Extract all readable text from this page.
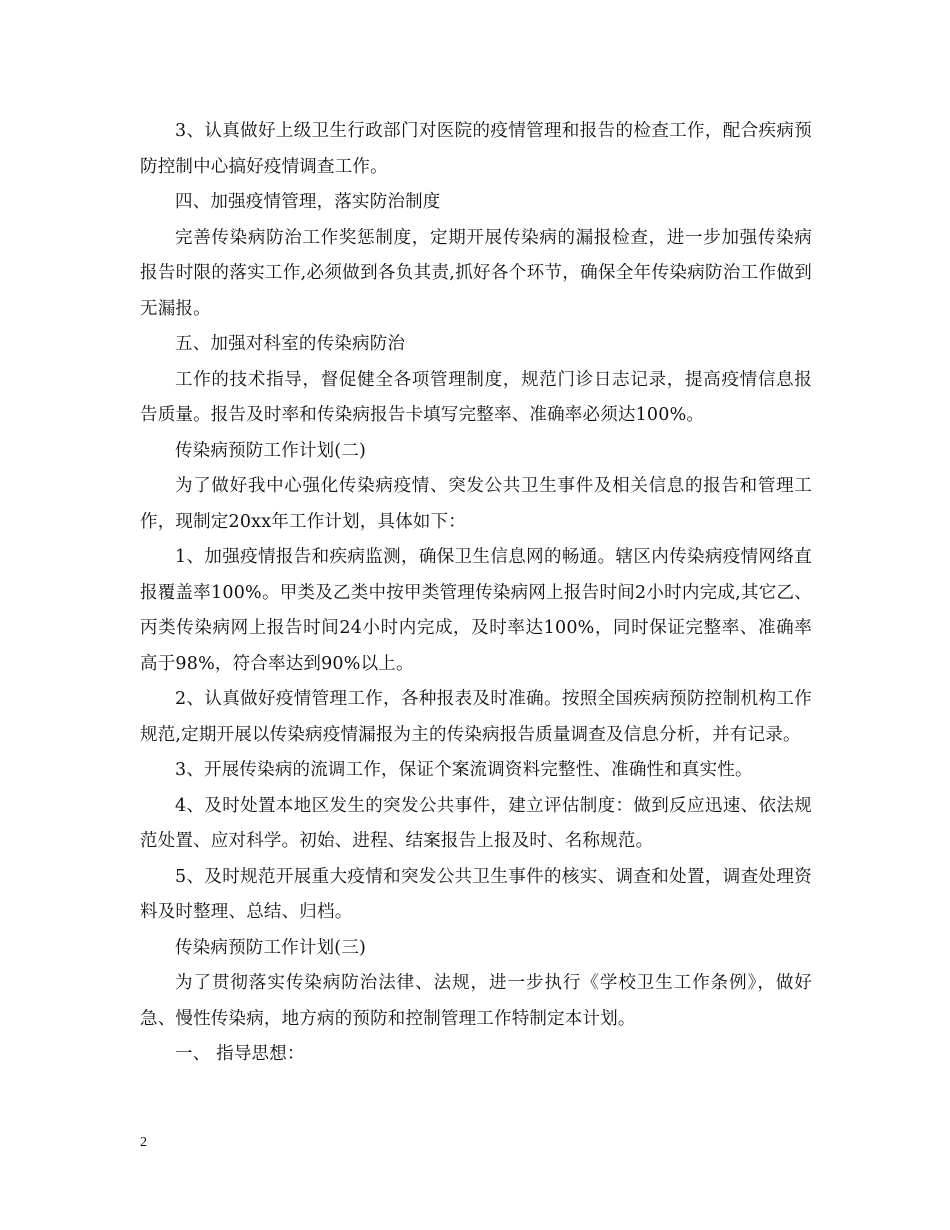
3、认真做好上级卫生行政部门对医院的疫情管理和报告的检查工作，配合疾病预防控制中心搞好疫情调查工作。

四、加强疫情管理，落实防治制度

完善传染病防治工作奖惩制度，定期开展传染病的漏报检查，进一步加强传染病报告时限的落实工作,必须做到各负其责,抓好各个环节，确保全年传染病防治工作做到无漏报。

五、加强对科室的传染病防治

工作的技术指导，督促健全各项管理制度，规范门诊日志记录，提高疫情信息报告质量。报告及时率和传染病报告卡填写完整率、准确率必须达100%。

传染病预防工作计划(二)

为了做好我中心强化传染病疫情、突发公共卫生事件及相关信息的报告和管理工作，现制定20xx年工作计划，具体如下：

1、加强疫情报告和疾病监测，确保卫生信息网的畅通。辖区内传染病疫情网络直报覆盖率100%。甲类及乙类中按甲类管理传染病网上报告时间2小时内完成,其它乙、丙类传染病网上报告时间24小时内完成，及时率达100%，同时保证完整率、准确率高于98%，符合率达到90%以上。

2、认真做好疫情管理工作，各种报表及时准确。按照全国疾病预防控制机构工作规范,定期开展以传染病疫情漏报为主的传染病报告质量调查及信息分析，并有记录。

3、开展传染病的流调工作，保证个案流调资料完整性、准确性和真实性。

4、及时处置本地区发生的突发公共事件，建立评估制度：做到反应迅速、依法规范处置、应对科学。初始、进程、结案报告上报及时、名称规范。

5、及时规范开展重大疫情和突发公共卫生事件的核实、调查和处置，调查处理资料及时整理、总结、归档。

传染病预防工作计划(三)

为了贯彻落实传染病防治法律、法规，进一步执行《学校卫生工作条例》，做好急、慢性传染病，地方病的预防和控制管理工作特制定本计划。

一、 指导思想：

2
